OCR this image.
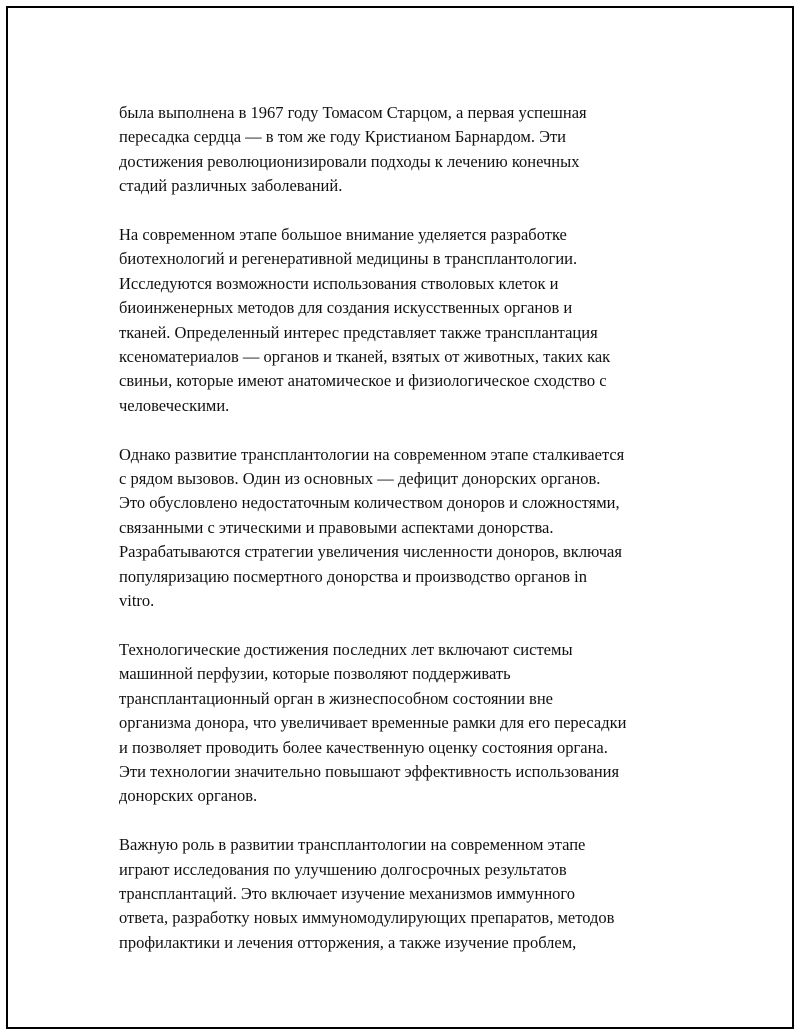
была выполнена в 1967 году Томасом Старцом, а первая успешная
пересадка сердца — в том же году Кристианом Барнардом. Эти
достижения революционизировали подходы к лечению конечных
стадий различных заболеваний.

На современном этапе большое внимание уделяется разработке
биотехнологий и регенеративной медицины в трансплантологии.
Исследуются возможности использования стволовых клеток и
биоинженерных методов для создания искусственных органов и
тканей. Определенный интерес представляет также трансплантация
ксеноматериалов — органов и тканей, взятых от животных, таких как
свиньи, которые имеют анатомическое и физиологическое сходство с
человеческими.

Однако развитие трансплантологии на современном этапе сталкивается
с рядом вызовов. Один из основных — дефицит донорских органов.
Это обусловлено недостаточным количеством доноров и сложностями,
связанными с этическими и правовыми аспектами донорства.
Разрабатываются стратегии увеличения численности доноров, включая
популяризацию посмертного донорства и производство органов in
vitro.

Технологические достижения последних лет включают системы
машинной перфузии, которые позволяют поддерживать
трансплантационный орган в жизнеспособном состоянии вне
организма донора, что увеличивает временные рамки для его пересадки
и позволяет проводить более качественную оценку состояния органа.
Эти технологии значительно повышают эффективность использования
донорских органов.

Важную роль в развитии трансплантологии на современном этапе
играют исследования по улучшению долгосрочных результатов
трансплантаций. Это включает изучение механизмов иммунного
ответа, разработку новых иммуномодулирующих препаратов, методов
профилактики и лечения отторжения, а также изучение проблем,
